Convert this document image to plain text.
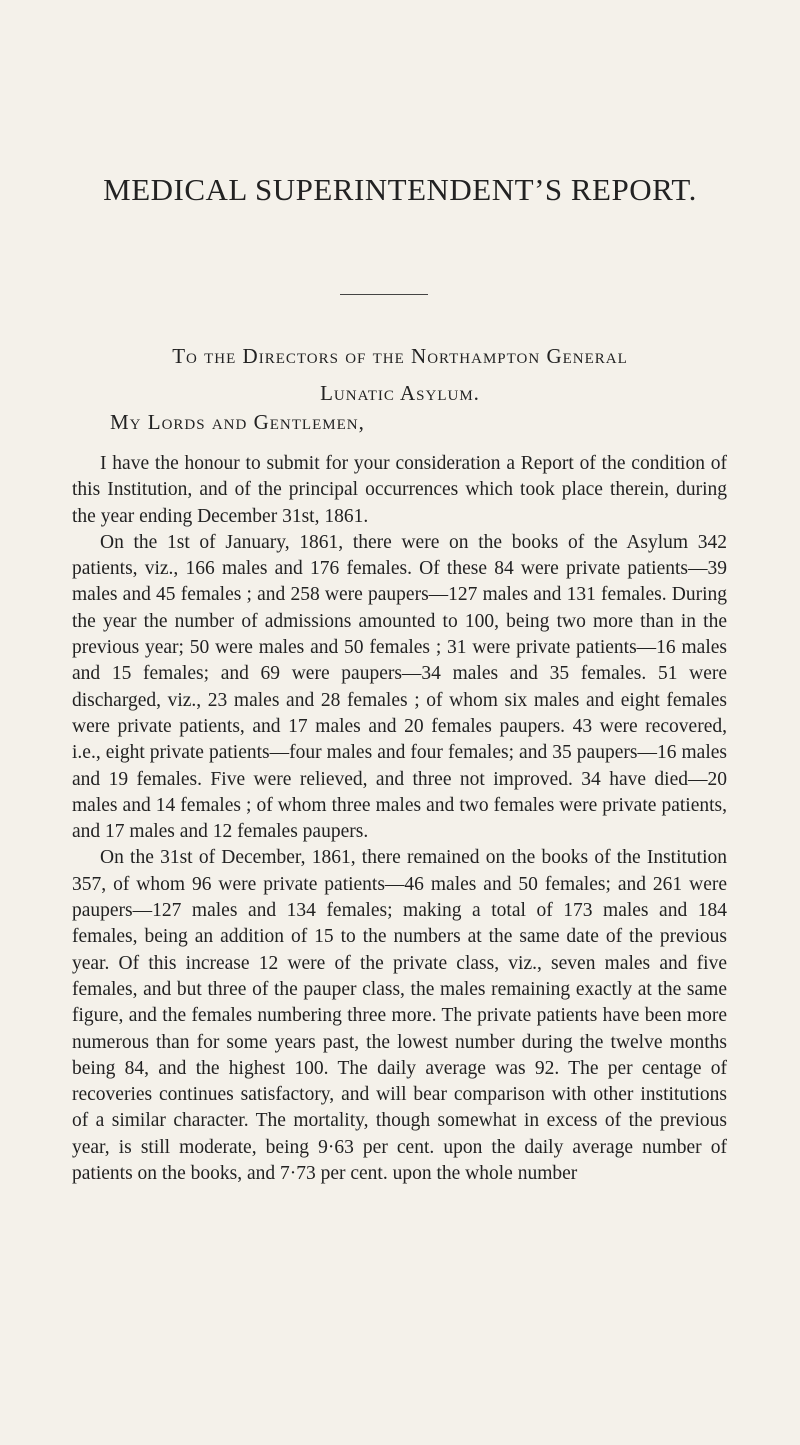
MEDICAL SUPERINTENDENT’S REPORT.
To the Directors of the Northampton General
Lunatic Asylum.
My Lords and Gentlemen,

I have the honour to submit for your consideration a Report of the condition of this Institution, and of the principal occurrences which took place therein, during the year ending December 31st, 1861.

On the 1st of January, 1861, there were on the books of the Asylum 342 patients, viz., 166 males and 176 females. Of these 84 were private patients—39 males and 45 females ; and 258 were paupers—127 males and 131 females. During the year the number of admissions amounted to 100, being two more than in the previous year; 50 were males and 50 females ; 31 were private patients—16 males and 15 females; and 69 were paupers—34 males and 35 females. 51 were discharged, viz., 23 males and 28 females ; of whom six males and eight females were private patients, and 17 males and 20 females paupers. 43 were recovered, i.e., eight private patients—four males and four females; and 35 paupers—16 males and 19 females. Five were relieved, and three not improved. 34 have died—20 males and 14 females ; of whom three males and two females were private patients, and 17 males and 12 females paupers.

On the 31st of December, 1861, there remained on the books of the Institution 357, of whom 96 were private patients—46 males and 50 females; and 261 were paupers—127 males and 134 females; making a total of 173 males and 184 females, being an addition of 15 to the numbers at the same date of the previous year. Of this increase 12 were of the private class, viz., seven males and five females, and but three of the pauper class, the males remaining exactly at the same figure, and the females numbering three more. The private patients have been more numerous than for some years past, the lowest number during the twelve months being 84, and the highest 100. The daily average was 92. The per centage of recoveries continues satisfactory, and will bear comparison with other institutions of a similar character. The mortality, though somewhat in excess of the previous year, is still moderate, being 9·63 per cent. upon the daily average number of patients on the books, and 7·73 per cent. upon the whole number
